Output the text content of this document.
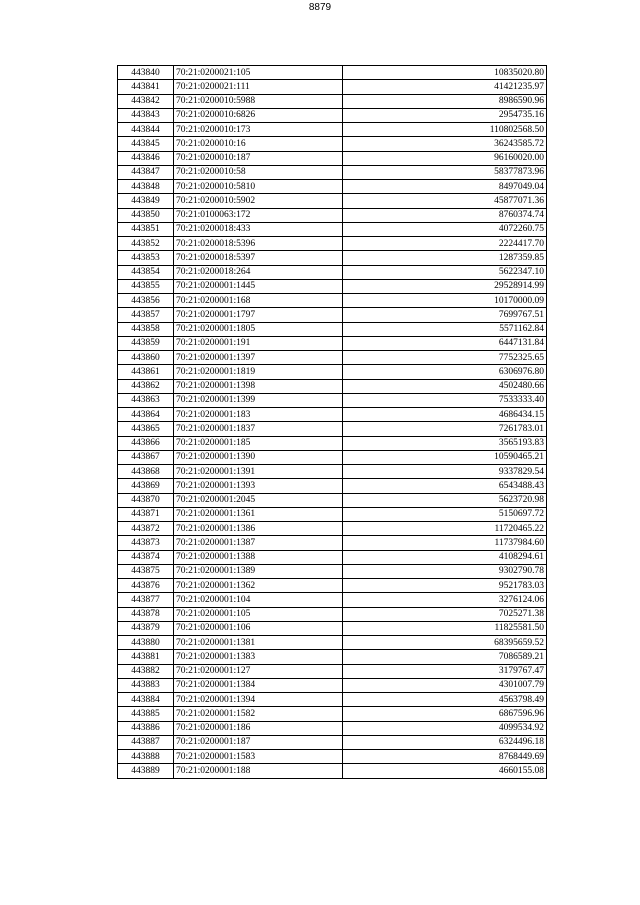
8879
443840	70:21:0200021:105	10835020.80
443841	70:21:0200021:111	41421235.97
443842	70:21:0200010:5988	8986590.96
443843	70:21:0200010:6826	2954735.16
443844	70:21:0200010:173	110802568.50
443845	70:21:0200010:16	36243585.72
443846	70:21:0200010:187	96160020.00
443847	70:21:0200010:58	58377873.96
443848	70:21:0200010:5810	8497049.04
443849	70:21:0200010:5902	45877071.36
443850	70:21:0100063:172	8760374.74
443851	70:21:0200018:433	4072260.75
443852	70:21:0200018:5396	2224417.70
443853	70:21:0200018:5397	1287359.85
443854	70:21:0200018:264	5622347.10
443855	70:21:0200001:1445	29528914.99
443856	70:21:0200001:168	10170000.09
443857	70:21:0200001:1797	7699767.51
443858	70:21:0200001:1805	5571162.84
443859	70:21:0200001:191	6447131.84
443860	70:21:0200001:1397	7752325.65
443861	70:21:0200001:1819	6306976.80
443862	70:21:0200001:1398	4502480.66
443863	70:21:0200001:1399	7533333.40
443864	70:21:0200001:183	4686434.15
443865	70:21:0200001:1837	7261783.01
443866	70:21:0200001:185	3565193.83
443867	70:21:0200001:1390	10590465.21
443868	70:21:0200001:1391	9337829.54
443869	70:21:0200001:1393	6543488.43
443870	70:21:0200001:2045	5623720.98
443871	70:21:0200001:1361	5150697.72
443872	70:21:0200001:1386	11720465.22
443873	70:21:0200001:1387	11737984.60
443874	70:21:0200001:1388	4108294.61
443875	70:21:0200001:1389	9302790.78
443876	70:21:0200001:1362	9521783.03
443877	70:21:0200001:104	3276124.06
443878	70:21:0200001:105	7025271.38
443879	70:21:0200001:106	11825581.50
443880	70:21:0200001:1381	68395659.52
443881	70:21:0200001:1383	7086589.21
443882	70:21:0200001:127	3179767.47
443883	70:21:0200001:1384	4301007.79
443884	70:21:0200001:1394	4563798.49
443885	70:21:0200001:1582	6867596.96
443886	70:21:0200001:186	4099534.92
443887	70:21:0200001:187	6324496.18
443888	70:21:0200001:1583	8768449.69
443889	70:21:0200001:188	4660155.08
